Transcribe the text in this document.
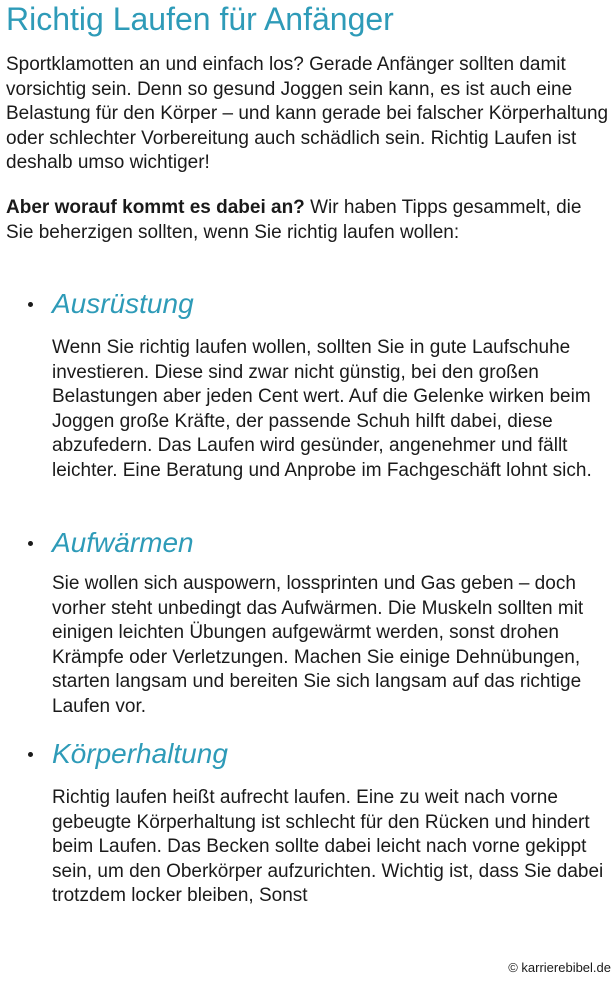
Richtig Laufen für Anfänger

Sportklamotten an und einfach los? Gerade Anfänger sollten damit vorsichtig sein. Denn so gesund Joggen sein kann, es ist auch eine Belastung für den Körper – und kann gerade bei falscher Körperhaltung oder schlechter Vorbereitung auch schädlich sein. Richtig Laufen ist deshalb umso wichtiger!

Aber worauf kommt es dabei an? Wir haben Tipps gesammelt, die Sie beherzigen sollten, wenn Sie richtig laufen wollen:

Ausrüstung

Wenn Sie richtig laufen wollen, sollten Sie in gute Laufschuhe investieren. Diese sind zwar nicht günstig, bei den großen Belastungen aber jeden Cent wert. Auf die Gelenke wirken beim Joggen große Kräfte, der passende Schuh hilft dabei, diese abzufedern. Das Laufen wird gesünder, angenehmer und fällt leichter. Eine Beratung und Anprobe im Fachgeschäft lohnt sich.

Aufwärmen

Sie wollen sich auspowern, lossprinten und Gas geben – doch vorher steht unbedingt das Aufwärmen. Die Muskeln sollten mit einigen leichten Übungen aufgewärmt werden, sonst drohen Krämpfe oder Verletzungen. Machen Sie einige Dehnübungen, starten langsam und bereiten Sie sich langsam auf das richtige Laufen vor.

Körperhaltung

Richtig laufen heißt aufrecht laufen. Eine zu weit nach vorne gebeugte Körperhaltung ist schlecht für den Rücken und hindert beim Laufen. Das Becken sollte dabei leicht nach vorne gekippt sein, um den Oberkörper aufzurichten. Wichtig ist, dass Sie dabei trotzdem locker bleiben, Sonst

© karrierebibel.de
